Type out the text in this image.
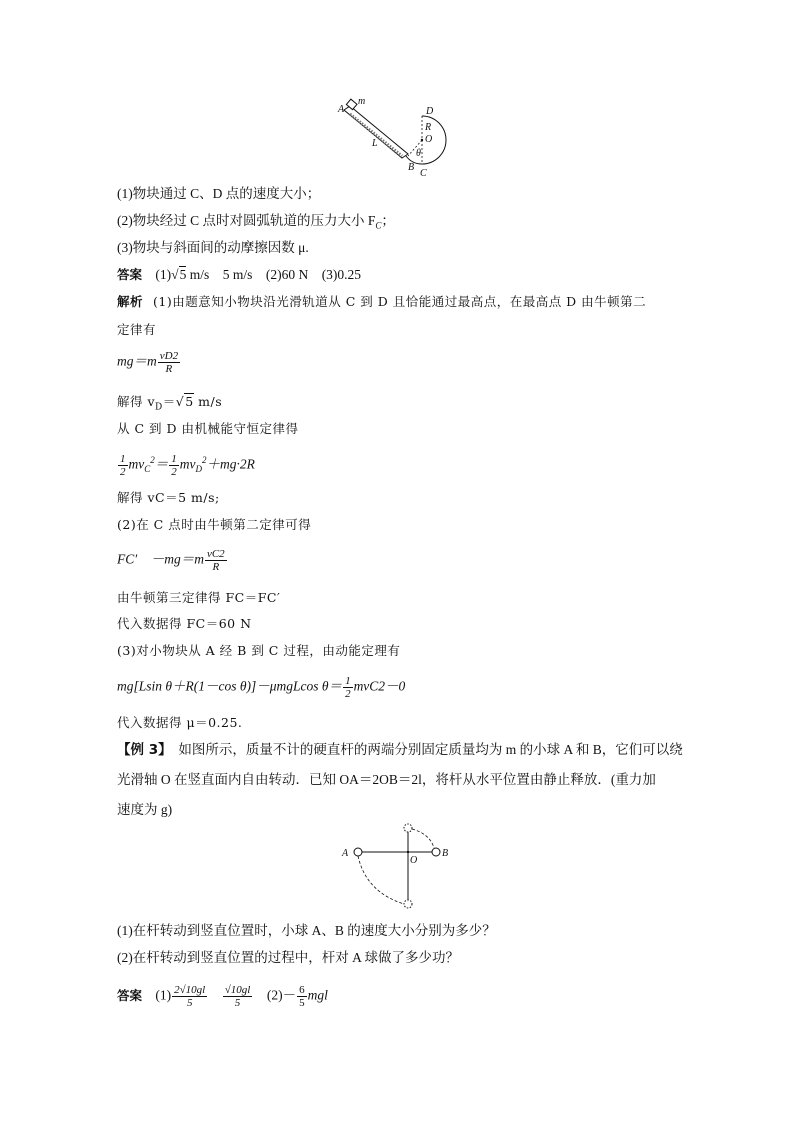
A
m
L
B
C
D
R
O
θ
(1)物块通过 C、D 点的速度大小；
(2)物块经过 C 点时对圆弧轨道的压力大小 $F_C$；
(3)物块与斜面间的动摩擦因数 μ.
答案 (1)√5 m/s　5 m/s　(2)60 N　(3)0.25
解析 (1)由题意知小物块沿光滑轨道从 C 到 D 且恰能通过最高点，在最高点 D 由牛顿第二
定律有
$mg=m \frac{vD2}{R}$
解得 $v_D=√5$ m/s
从 C 到 D 由机械能守恒定律得
$\frac{1}{2} mv_C^2= \frac{1}{2} mv_D^2+mg\cdot 2R$
解得 vC＝5 m/s;
(2)在 C 点时由牛顿第二定律可得
FC′　$-mg=m \frac{vC2}{R}$
由牛顿第三定律得 FC＝FC′
代入数据得 FC＝60 N
(3)对小物块从 A 经 B 到 C 过程，由动能定理有
mg[Lsin θ＋R(1－cos θ)]－μmgLcos $\theta= \frac{1}{2} mvC2-0$
代入数据得 μ＝0.25.
【例 3】　 如图所示，质量不计的硬直杆的两端分别固定质量均为 m 的小球 A 和 B，它们可以绕
光滑轴 O 在竖直面内自由转动．已知 OA＝2OB＝2l，将杆从水平位置由静止释放．(重力加
速度为 g)
A
O
B
(1)在杆转动到竖直位置时，小球 A、B 的速度大小分别为多少？
(2)在杆转动到竖直位置的过程中，杆对 A 球做了多少功？
答案 $(1) \frac{2√10gl}{5}$
　 $\frac{√10gl}{5}$
　 $(2)- \frac{6}{5}$ mgl
